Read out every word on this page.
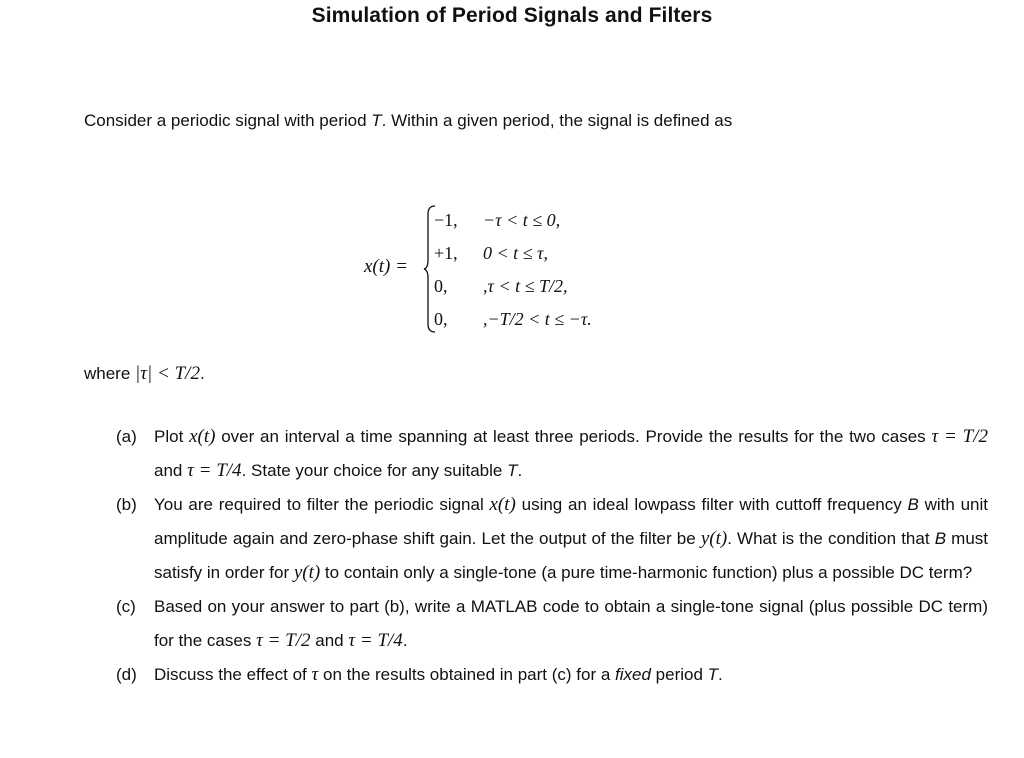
Simulation of Period Signals and Filters
Consider a periodic signal with period T. Within a given period, the signal is defined as
x(t) =
−1, −τ < t ≤ 0,
+1, 0 < t ≤ τ,
0, ,τ < t ≤ T/2,
0, ,−T/2 < t ≤ −τ.
where |τ| < T/2.
(a) Plot x(t) over an interval a time spanning at least three periods. Provide the results for the two cases τ = T/2 and τ = T/4. State your choice for any suitable T.
(b) You are required to filter the periodic signal x(t) using an ideal lowpass filter with cuttoff frequency B with unit amplitude again and zero-phase shift gain. Let the output of the filter be y(t). What is the condition that B must satisfy in order for y(t) to contain only a single-tone (a pure time-harmonic function) plus a possible DC term?
(c) Based on your answer to part (b), write a MATLAB code to obtain a single-tone signal (plus possible DC term) for the cases τ = T/2 and τ = T/4.
(d) Discuss the effect of τ on the results obtained in part (c) for a fixed period T.
